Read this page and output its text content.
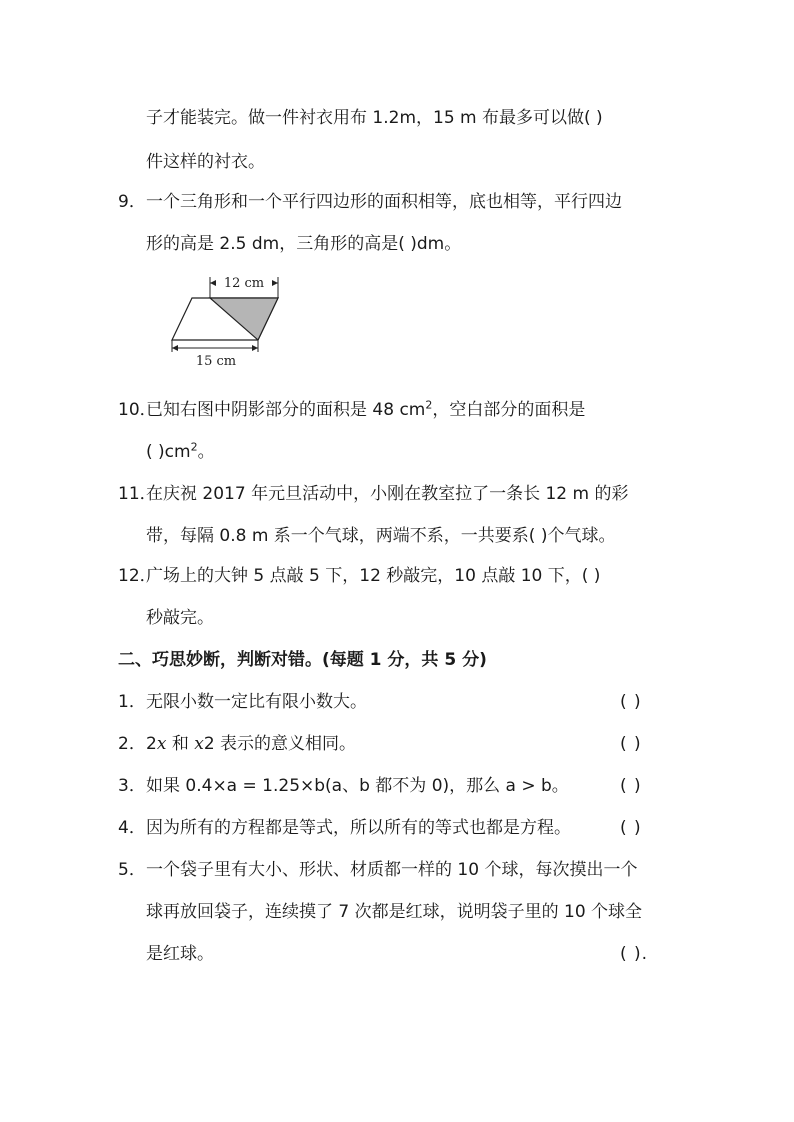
子才能装完。做一件衬衣用布 1.2m，15 m 布最多可以做( )
件这样的衬衣。
9． 一个三角形和一个平行四边形的面积相等，底也相等，平行四边
形的高是 2.5 dm，三角形的高是( )dm。
12 cm
15 cm
10．
已知右图中阴影部分的面积是 48 $cm^2$，空白部分的面积是
( )$cm^2$。
11．
在庆祝 2017 年元旦活动中，小刚在教室拉了一条长 12 m 的彩
带，每隔 0.8 m 系一个气球，两端不系，一共要系( )个气球。
12．
广场上的大钟 5 点敲 5 下，12 秒敲完，10 点敲 10 下，( )
秒敲完。
二、巧思妙断，判断对错。(每题 1 分，共 5 分)
1． 无限小数一定比有限小数大。	( )
2． 2x 和 x2 表示的意义相同。	( )
3． 如果 0.4×a = 1.25×b(a、b 都不为 0)，那么 a > b。	( )
4． 因为所有的方程都是等式，所以所有的等式也都是方程。	( )
5． 一个袋子里有大小、形状、材质都一样的 10 个球，每次摸出一个
球再放回袋子，连续摸了 7 次都是红球，说明袋子里的 10 个球全
是红球。	( ).
